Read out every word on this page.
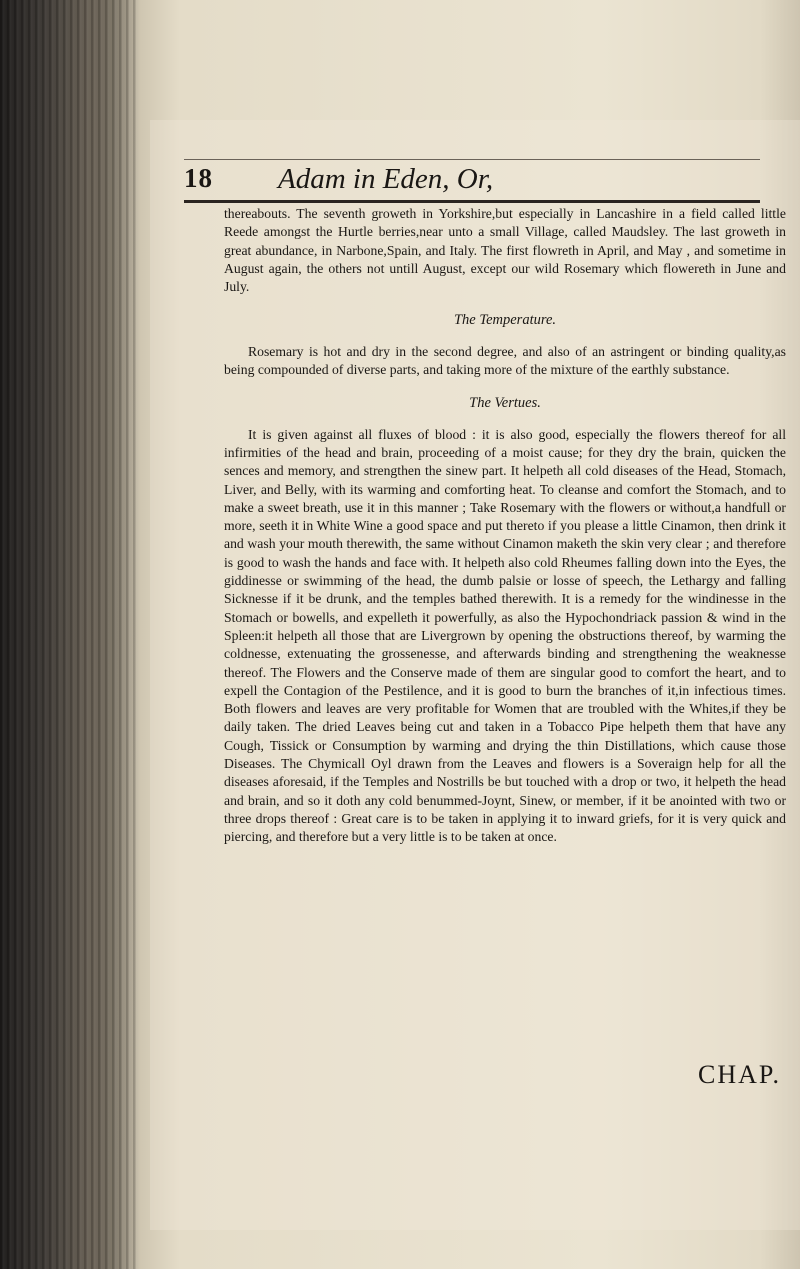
18 Adam in Eden, Or,

thereabouts. The seventh groweth in Yorkshire,but especially in Lancashire in a field called little Reede amongst the Hurtle berries,near unto a small Village, called Maudsley. The last groweth in great abundance, in Narbone,Spain, and Italy. The first flowreth in April, and May , and sometime in August again, the others not untill August, except our wild Rosemary which flowereth in June and July.

The Temperature.

Rosemary is hot and dry in the second degree, and also of an astringent or binding quality,as being compounded of diverse parts, and taking more of the mixture of the earthly substance.

The Vertues.

It is given against all fluxes of blood : it is also good, especially the flowers thereof for all infirmities of the head and brain, proceeding of a moist cause; for they dry the brain, quicken the sences and memory, and strengthen the sinew part. It helpeth all cold diseases of the Head, Stomach, Liver, and Belly, with its warming and comforting heat. To cleanse and comfort the Stomach, and to make a sweet breath, use it in this manner ; Take Rosemary with the flowers or without,a handfull or more, seeth it in White Wine a good space and put thereto if you please a little Cinamon, then drink it and wash your mouth therewith, the same without Cinamon maketh the skin very clear ; and therefore is good to wash the hands and face with. It helpeth also cold Rheumes falling down into the Eyes, the giddinesse or swimming of the head, the dumb palsie or losse of speech, the Lethargy and falling Sicknesse if it be drunk, and the temples bathed therewith. It is a remedy for the windinesse in the Stomach or bowells, and expelleth it powerfully, as also the Hypochondriack passion & wind in the Spleen:it helpeth all those that are Livergrown by opening the obstructions thereof, by warming the coldnesse, extenuating the grossenesse, and afterwards binding and strengthening the weaknesse thereof. The Flowers and the Conserve made of them are singular good to comfort the heart, and to expell the Contagion of the Pestilence, and it is good to burn the branches of it,in infectious times. Both flowers and leaves are very profitable for Women that are troubled with the Whites,if they be daily taken. The dried Leaves being cut and taken in a Tobacco Pipe helpeth them that have any Cough, Tissick or Consumption by warming and drying the thin Distillations, which cause those Diseases. The Chymicall Oyl drawn from the Leaves and flowers is a Soveraign help for all the diseases aforesaid, if the Temples and Nostrills be but touched with a drop or two, it helpeth the head and brain, and so it doth any cold benummed-Joynt, Sinew, or member, if it be anointed with two or three drops thereof : Great care is to be taken in applying it to inward griefs, for it is very quick and piercing, and therefore but a very little is to be taken at once.

CHAP.
